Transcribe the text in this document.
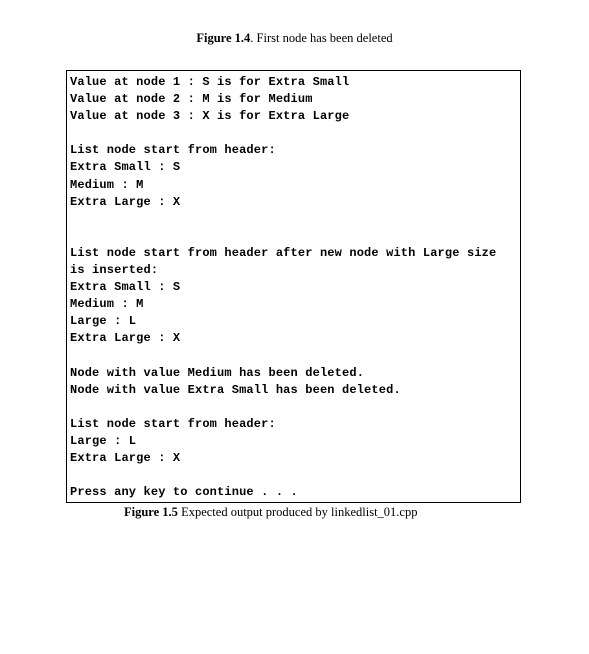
Figure 1.4. First node has been deleted
Value at node 1 : S is for Extra Small
Value at node 2 : M is for Medium
Value at node 3 : X is for Extra Large
List node start from header:
Extra Small : S
Medium : M
Extra Large : X
List node start from header after new node with Large size
is inserted:
Extra Small : S
Medium : M
Large : L
Extra Large : X
Node with value Medium has been deleted.
Node with value Extra Small has been deleted.
List node start from header:
Large : L
Extra Large : X
Press any key to continue . . .
Figure 1.5 Expected output produced by linkedlist_01.cpp
